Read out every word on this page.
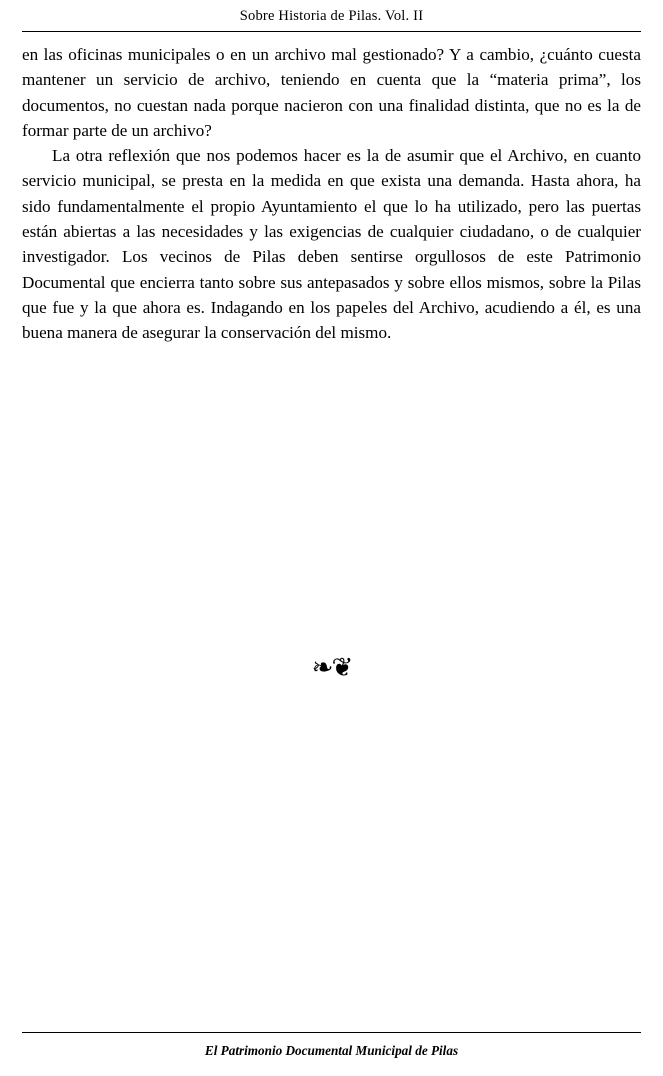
Sobre Historia de Pilas. Vol. II

en las oficinas municipales o en un archivo mal gestionado? Y a cambio, ¿cuánto cuesta mantener un servicio de archivo, teniendo en cuenta que la “materia prima”, los documentos, no cuestan nada porque nacieron con una finalidad distinta, que no es la de formar parte de un archivo?

La otra reflexión que nos podemos hacer es la de asumir que el Archivo, en cuanto servicio municipal, se presta en la medida en que exista una demanda. Hasta ahora, ha sido fundamentalmente el propio Ayuntamiento el que lo ha utilizado, pero las puertas están abiertas a las necesidades y las exigencias de cualquier ciudadano, o de cualquier investigador. Los vecinos de Pilas deben sentirse orgullosos de este Patrimonio Documental que encierra tanto sobre sus antepasados y sobre ellos mismos, sobre la Pilas que fue y la que ahora es. Indagando en los papeles del Archivo, acudiendo a él, es una buena manera de asegurar la conservación del mismo.

❧❦
El Patrimonio Documental Municipal de Pilas
